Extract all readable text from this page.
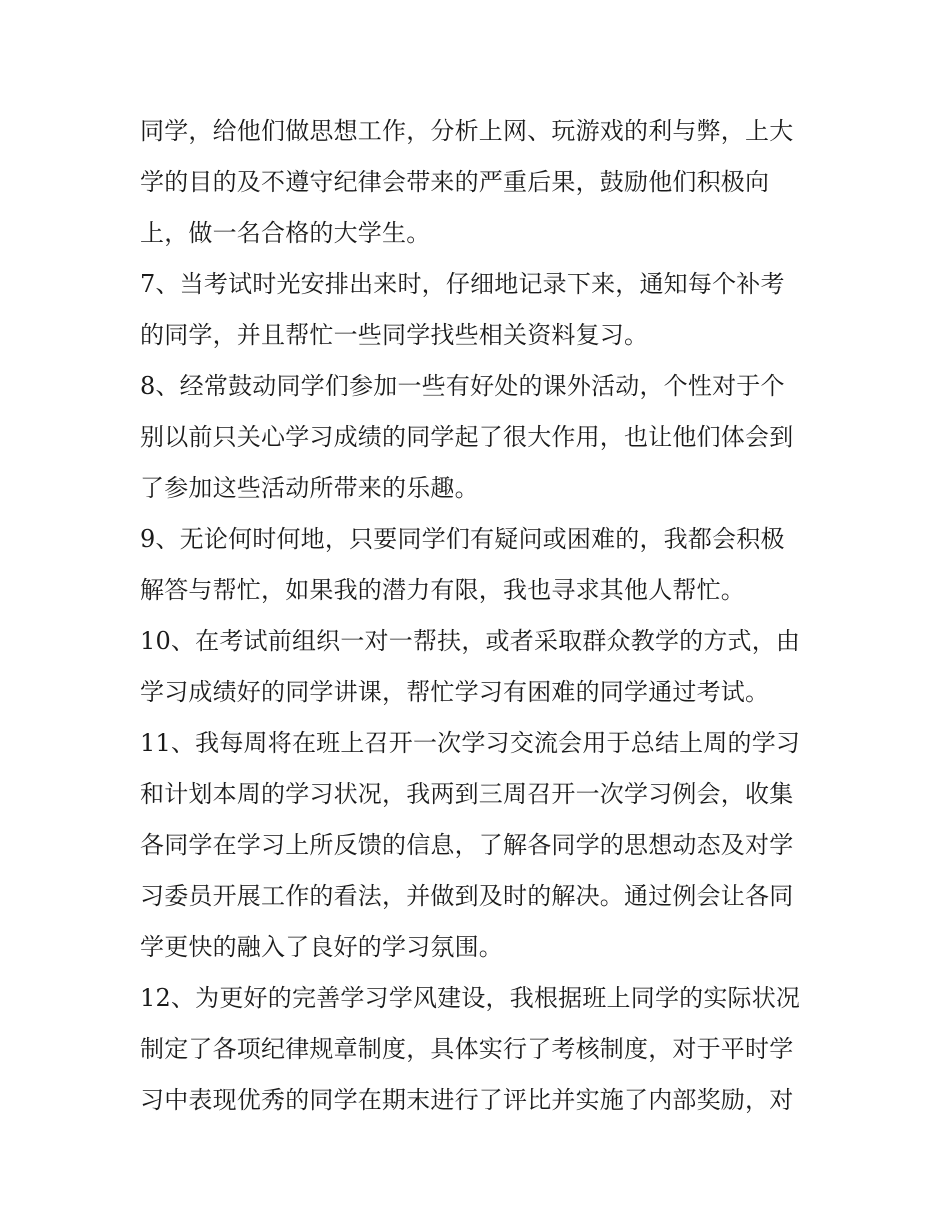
同学，给他们做思想工作，分析上网、玩游戏的利与弊，上大
学的目的及不遵守纪律会带来的严重后果，鼓励他们积极向
上，做一名合格的大学生。
7、当考试时光安排出来时，仔细地记录下来，通知每个补考
的同学，并且帮忙一些同学找些相关资料复习。
8、经常鼓动同学们参加一些有好处的课外活动，个性对于个
别以前只关心学习成绩的同学起了很大作用，也让他们体会到
了参加这些活动所带来的乐趣。
9、无论何时何地，只要同学们有疑问或困难的，我都会积极
解答与帮忙，如果我的潜力有限，我也寻求其他人帮忙。
10、在考试前组织一对一帮扶，或者采取群众教学的方式，由
学习成绩好的同学讲课，帮忙学习有困难的同学通过考试。
11、我每周将在班上召开一次学习交流会用于总结上周的学习
和计划本周的学习状况，我两到三周召开一次学习例会，收集
各同学在学习上所反馈的信息，了解各同学的思想动态及对学
习委员开展工作的看法，并做到及时的解决。通过例会让各同
学更快的融入了良好的学习氛围。
12、为更好的完善学习学风建设，我根据班上同学的实际状况
制定了各项纪律规章制度，具体实行了考核制度，对于平时学
习中表现优秀的同学在期末进行了评比并实施了内部奖励，对
